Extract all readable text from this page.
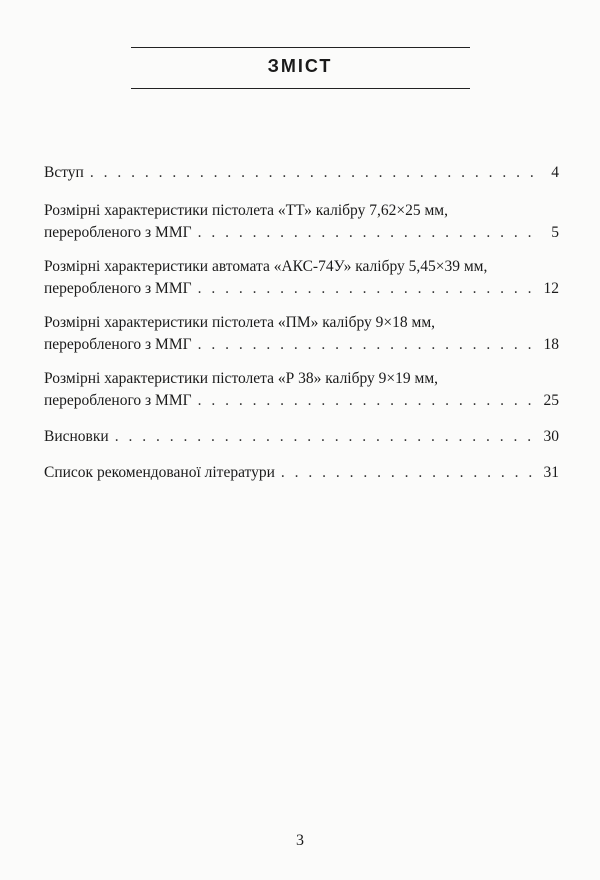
ЗМІСТ
Вступ . . .	4
Розмірні характеристики пістолета «ТТ» калібру 7,62×25 мм,
переробленого з ММГ . . .	5
Розмірні характеристики автомата «АКС-74У» калібру 5,45×39 мм,
переробленого з ММГ . . .	12
Розмірні характеристики пістолета «ПМ» калібру 9×18 мм,
переробленого з ММГ . . .	18
Розмірні характеристики пістолета «Р 38» калібру 9×19 мм,
переробленого з ММГ . . .	25
Висновки . . .	30
Список рекомендованої літератури . . .	31
3
